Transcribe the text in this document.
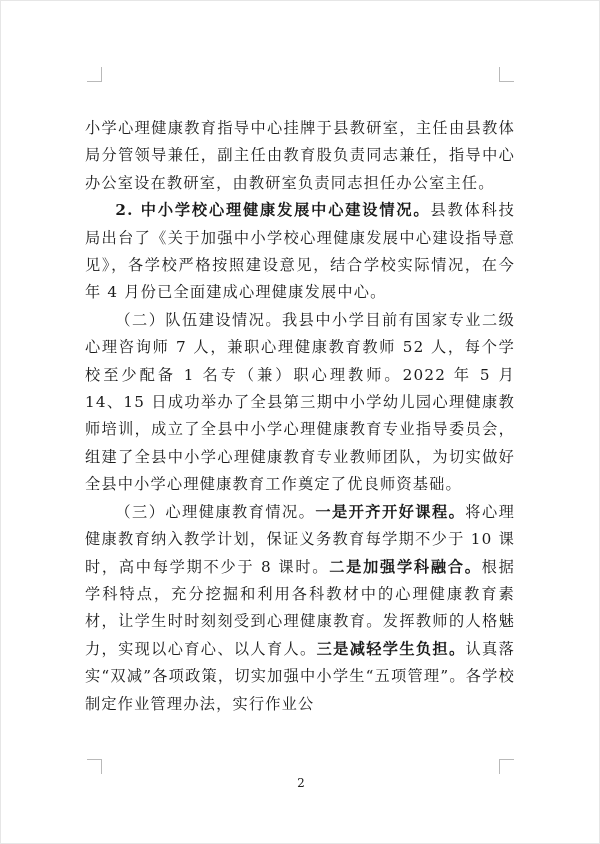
小学心理健康教育指导中心挂牌于县教研室，主任由县教体局分管领导兼任，副主任由教育股负责同志兼任，指导中心办公室设在教研室，由教研室负责同志担任办公室主任。

2. 中小学校心理健康发展中心建设情况。县教体科技局出台了《关于加强中小学校心理健康发展中心建设指导意见》，各学校严格按照建设意见，结合学校实际情况，在今年 4 月份已全面建成心理健康发展中心。

（二）队伍建设情况。我县中小学目前有国家专业二级心理咨询师 7 人，兼职心理健康教育教师 52 人，每个学校至少配备 1 名专（兼）职心理教师。2022 年 5 月 14、15 日成功举办了全县第三期中小学幼儿园心理健康教师培训，成立了全县中小学心理健康教育专业指导委员会，组建了全县中小学心理健康教育专业教师团队，为切实做好全县中小学心理健康教育工作奠定了优良师资基础。

（三）心理健康教育情况。一是开齐开好课程。将心理健康教育纳入教学计划，保证义务教育每学期不少于 10 课时，高中每学期不少于 8 课时。二是加强学科融合。根据学科特点，充分挖掘和利用各科教材中的心理健康教育素材，让学生时时刻刻受到心理健康教育。发挥教师的人格魅力，实现以心育心、以人育人。三是减轻学生负担。认真落实“双减”各项政策，切实加强中小学生“五项管理”。各学校制定作业管理办法，实行作业公

2
